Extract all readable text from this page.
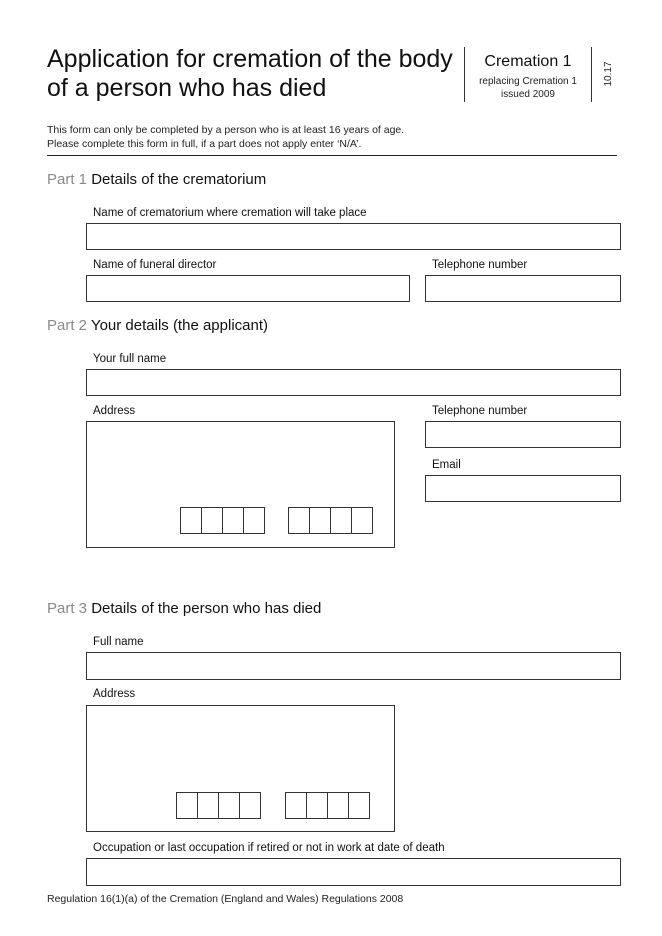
Application for cremation of the body
of a person who has died
Cremation 1
replacing Cremation 1
issued 2009
10.17
This form can only be completed by a person who is at least 16 years of age.
Please complete this form in full, if a part does not apply enter ‘N/A’.
Part 1 Details of the crematorium
Name of crematorium where cremation will take place
Name of funeral director	Telephone number
Part 2 Your details (the applicant)
Your full name
Address	Telephone number
Email
Part 3 Details of the person who has died
Full name
Address
Occupation or last occupation if retired or not in work at date of death
Regulation 16(1)(a) of the Cremation (England and Wales) Regulations 2008
